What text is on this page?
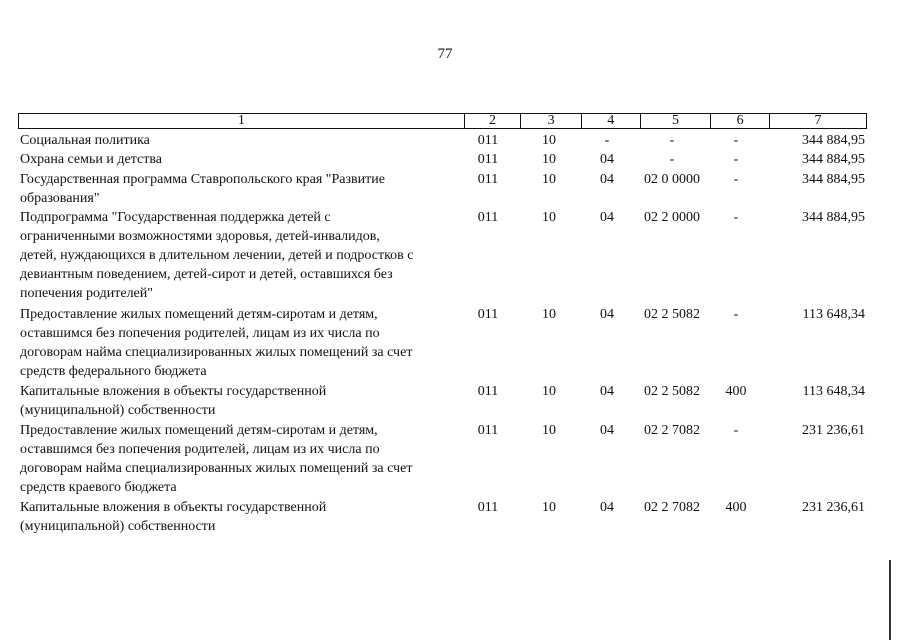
77
1	2	3	4	5	6	7
Социальная политика	011	10	-	-	-	344 884,95
Охрана семьи и детства	011	10	04	-	-	344 884,95
Государственная программа Ставропольского края "Развитие
образования"
011	10	04	02 0 0000	-	344 884,95
Подпрограмма "Государственная поддержка детей с
ограниченными возможностями здоровья, детей-инвалидов,
детей, нуждающихся в длительном лечении, детей и подростков с
девиантным поведением, детей-сирот и детей, оставшихся без
попечения родителей"
011	10	04	02 2 0000	-	344 884,95
Предоставление жилых помещений детям-сиротам и детям,
оставшимся без попечения родителей, лицам из их числа по
договорам найма специализированных жилых помещений за счет
средств федерального бюджета
011	10	04	02 2 5082	-	113 648,34
Капитальные вложения в объекты государственной
(муниципальной) собственности
011	10	04	02 2 5082	400	113 648,34
Предоставление жилых помещений детям-сиротам и детям,
оставшимся без попечения родителей, лицам из их числа по
договорам найма специализированных жилых помещений за счет
средств краевого бюджета
011	10	04	02 2 7082	-	231 236,61
Капитальные вложения в объекты государственной
(муниципальной) собственности
011	10	04	02 2 7082	400	231 236,61
